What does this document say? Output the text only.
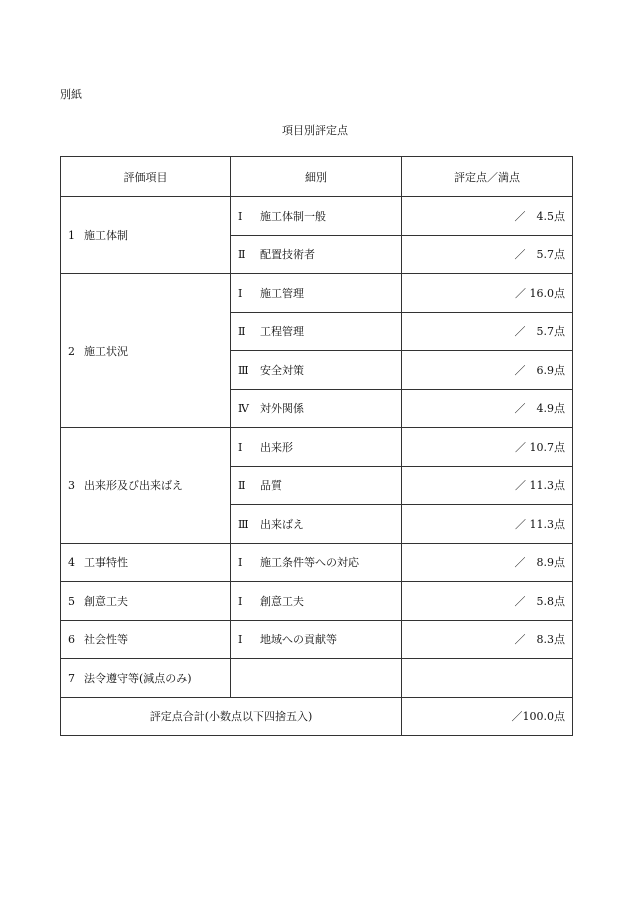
別紙
項目別評定点
評価項目	細別	評定点／満点
1 施工体制	Ⅰ 施工体制一般	／　4.5点
	Ⅱ 配置技術者	／　5.7点
2 施工状況	Ⅰ 施工管理	／ 16.0点
	Ⅱ 工程管理	／　5.7点
	Ⅲ 安全対策	／　6.9点
	Ⅳ 対外関係	／　4.9点
3 出来形及び出来ばえ	Ⅰ 出来形	／ 10.7点
	Ⅱ 品質	／ 11.3点
	Ⅲ 出来ばえ	／ 11.3点
4 工事特性	Ⅰ 施工条件等への対応	／　8.9点
5 創意工夫	Ⅰ 創意工夫	／　5.8点
6 社会性等	Ⅰ 地域への貢献等	／　8.3点
7 法令遵守等(減点のみ)		
評定点合計(小数点以下四捨五入)		／100.0点
